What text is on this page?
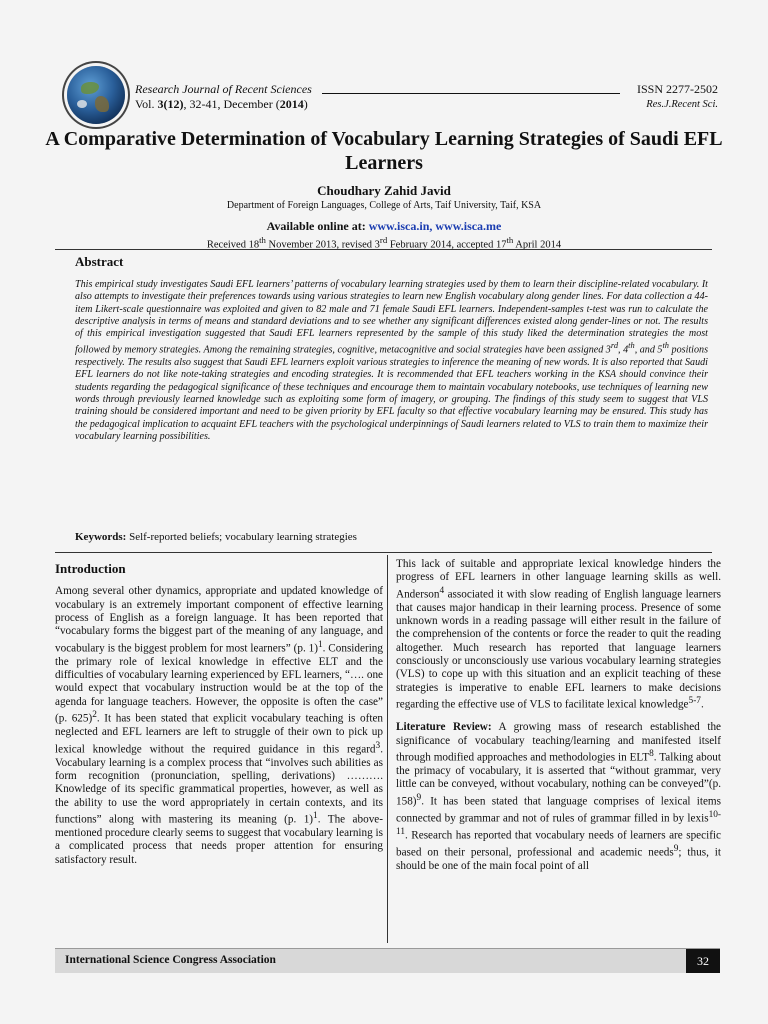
Research Journal of Recent Sciences
Vol. 3(12), 32-41, December (2014)
ISSN 2277-2502
Res.J.Recent Sci.
A Comparative Determination of Vocabulary Learning Strategies of Saudi EFL Learners
Choudhary Zahid Javid
Department of Foreign Languages, College of Arts, Taif University, Taif, KSA
Available online at: www.isca.in, www.isca.me
Received 18th November 2013, revised 3rd February 2014, accepted 17th April 2014
Abstract
This empirical study investigates Saudi EFL learners’ patterns of vocabulary learning strategies used by them to learn their discipline-related vocabulary. It also attempts to investigate their preferences towards using various strategies to learn new English vocabulary along gender lines. For data collection a 44-item Likert-scale questionnaire was exploited and given to 82 male and 71 female Saudi EFL learners. Independent-samples t-test was run to calculate the descriptive analysis in terms of means and standard deviations and to see whether any significant differences existed along gender-lines or not. The results of this empirical investigation suggested that Saudi EFL learners represented by the sample of this study liked the determination strategies the most followed by memory strategies. Among the remaining strategies, cognitive, metacognitive and social strategies have been assigned 3rd, 4th, and 5th positions respectively. The results also suggest that Saudi EFL learners exploit various strategies to inference the meaning of new words. It is also reported that Saudi EFL learners do not like note-taking strategies and encoding strategies. It is recommended that EFL teachers working in the KSA should convince their students regarding the pedagogical significance of these techniques and encourage them to maintain vocabulary notebooks, use techniques of learning new words through previously learned knowledge such as exploiting some form of imagery, or grouping. The findings of this study seem to suggest that VLS training should be considered important and need to be given priority by EFL faculty so that effective vocabulary learning may be ensured. This study has the pedagogical implication to acquaint EFL teachers with the psychological underpinnings of Saudi learners related to VLS to train them to maximize their vocabulary learning possibilities.
Keywords: Self-reported beliefs; vocabulary learning strategies
Introduction

Among several other dynamics, appropriate and updated knowledge of vocabulary is an extremely important component of effective learning process of English as a foreign language. It has been reported that “vocabulary forms the biggest part of the meaning of any language, and vocabulary is the biggest problem for most learners” (p. 1)$^1$. Considering the primary role of lexical knowledge in effective ELT and the difficulties of vocabulary learning experienced by EFL learners, “…. one would expect that vocabulary instruction would be at the top of the agenda for language teachers. However, the opposite is often the case” (p. 625)$^2$. It has been stated that explicit vocabulary teaching is often neglected and EFL learners are left to struggle of their own to pick up lexical knowledge without the required guidance in this regard$^3$. Vocabulary learning is a complex process that “involves such abilities as form recognition (pronunciation, spelling, derivations) ………. Knowledge of its specific grammatical properties, however, as well as the ability to use the word appropriately in certain contexts, and its functions” along with mastering its meaning (p. 1)$^1$. The above-mentioned procedure clearly seems to suggest that vocabulary learning is a complicated process that needs proper attention for ensuring satisfactory result.

This lack of suitable and appropriate lexical knowledge hinders the progress of EFL learners in other language learning skills as well. Anderson$^4$ associated it with slow reading of English language learners that causes major handicap in their learning process. Presence of some unknown words in a reading passage will either result in the failure of the comprehension of the contents or force the reader to quit the reading altogether. Much research has reported that language learners consciously or unconsciously use various vocabulary learning strategies (VLS) to cope up with this situation and an explicit teaching of these strategies is imperative to enable EFL learners to make decisions regarding the effective use of VLS to facilitate lexical knowledge$^{5-7}$.

Literature Review: A growing mass of research established the significance of vocabulary teaching/learning and manifested itself through modified approaches and methodologies in ELT$^8$. Talking about the primacy of vocabulary, it is asserted that “without grammar, very little can be conveyed, without vocabulary, nothing can be conveyed”(p. 158)$^9$. It has been stated that language comprises of lexical items connected by grammar and not of rules of grammar filled in by lexis$^{10-11}$. Research has reported that vocabulary needs of learners are specific based on their personal, professional and academic needs$^9$; thus, it should be one of the main focal point of all

International Science Congress Association	32
